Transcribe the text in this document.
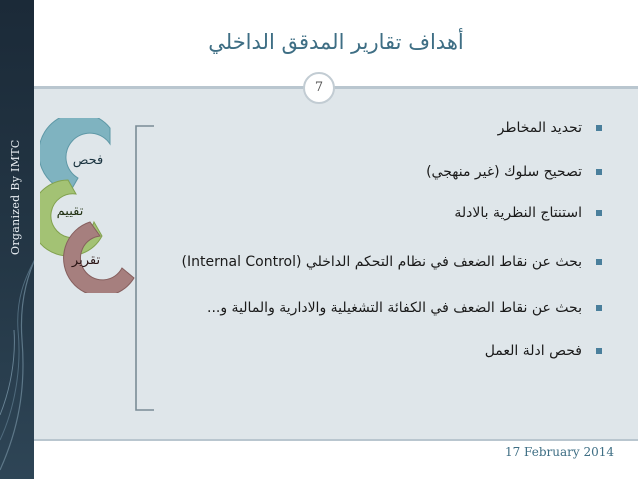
Organized By IMTC
أهداف تقارير المدقق الداخلي
7
تحديد المخاطر
تصحيح سلوك (غير منهجي)
استنتاج النظرية بالادلة
بحث عن نقاط الضعف في نظام التحكم الداخلي (Internal Control)
بحث عن نقاط الضعف في الكفائة التشغيلية والادارية والمالية و...
فحص ادلة العمل
فحص
تقييم
تقرير
17 February 2014
